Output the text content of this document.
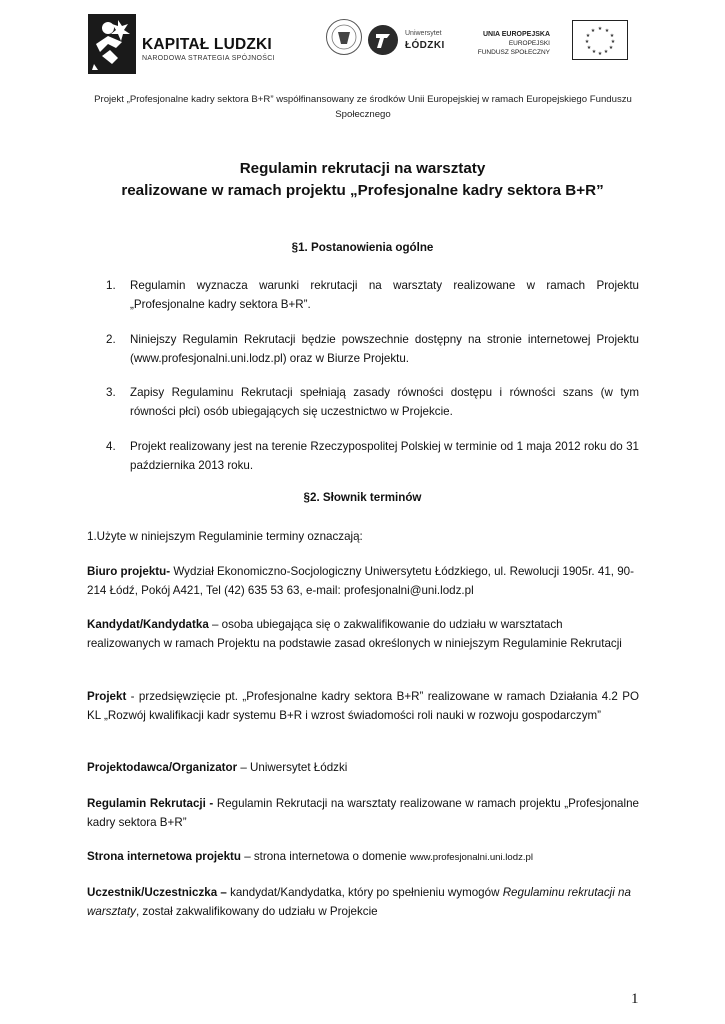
KAPITAŁ LUDZKI
NARODOWA STRATEGIA SPÓJNOŚCI
Uniwersytet
ŁÓDZKI
UNIA EUROPEJSKA
EUROPEJSKI
FUNDUSZ SPOŁECZNY
★ ★
★
★
★
★
★
★
★
★
★
★
Projekt „Profesjonalne kadry sektora B+R” współfinansowany ze środków Unii Europejskiej w ramach Europejskiego Funduszu Społecznego
Regulamin rekrutacji na warsztaty
realizowane w ramach projektu „Profesjonalne kadry sektora B+R”
§1. Postanowienia ogólne
1.	Regulamin wyznacza warunki rekrutacji na warsztaty realizowane w ramach Projektu „Profesjonalne kadry sektora B+R”.
2.	Niniejszy Regulamin Rekrutacji będzie powszechnie dostępny na stronie internetowej Projektu (www.profesjonalni.uni.lodz.pl) oraz w Biurze Projektu.
3.	Zapisy Regulaminu Rekrutacji spełniają zasady równości dostępu i równości szans (w tym równości płci) osób ubiegających się uczestnictwo w Projekcie.
4.	Projekt realizowany jest na terenie Rzeczypospolitej Polskiej w terminie od 1 maja 2012 roku do 31 października 2013 roku.
§2. Słownik terminów
1.Użyte w niniejszym Regulaminie terminy oznaczają:
Biuro projektu- Wydział Ekonomiczno-Socjologiczny Uniwersytetu Łódzkiego, ul. Rewolucji 1905r. 41, 90-214 Łódź, Pokój A421, Tel (42) 635 53 63, e-mail: profesjonalni@uni.lodz.pl
Kandydat/Kandydatka – osoba ubiegająca się o zakwalifikowanie do udziału w warsztatach realizowanych w ramach Projektu na podstawie zasad określonych w niniejszym Regulaminie Rekrutacji
Projekt - przedsięwzięcie pt. „Profesjonalne kadry sektora B+R” realizowane w ramach Działania 4.2 PO KL „Rozwój kwalifikacji kadr systemu B+R i wzrost świadomości roli nauki w rozwoju gospodarczym”
Projektodawca/Organizator – Uniwersytet Łódzki
Regulamin Rekrutacji - Regulamin Rekrutacji na warsztaty realizowane w ramach projektu „Profesjonalne kadry sektora B+R”
Strona internetowa projektu – strona internetowa o domenie www.profesjonalni.uni.lodz.pl
Uczestnik/Uczestniczka – kandydat/Kandydatka, który po spełnieniu wymogów Regulaminu rekrutacji na warsztaty, został zakwalifikowany do udziału w Projekcie
1
